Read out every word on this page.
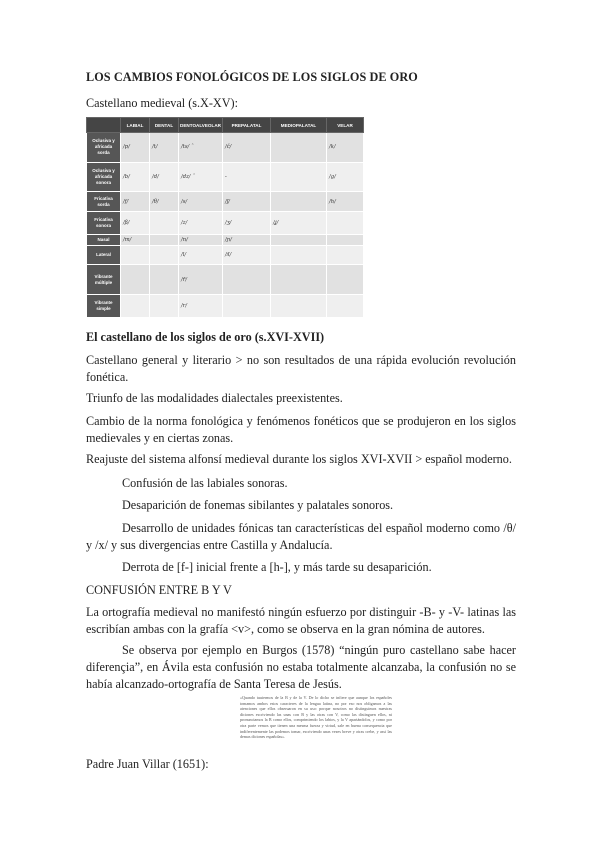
LOS CAMBIOS FONOLÓGICOS DE LOS SIGLOS DE ORO
Castellano medieval (s.X-XV):
	LABIAL	DENTAL	DENTOALVEOLAR	PREPALATAL	MEDIOPALATAL	VELAR
Oclusiva y africada sorda	/p/	/t/	/ts/ ˆ	/č/		/k/
Oclusiva y africada sonora	/b/	/d/	/dz/ ˆ	-		/g/
Fricativa sorda	/f/	/θ/	/s/	/ʃ/		/h/
Fricativa sonora	/β/		/z/	/ʒ/	/ʝ/	
Nasal	/m/		/n/	/ɲ/		
Lateral			/l/	/ʎ/		
Vibrante múltiple			/r̄/			
Vibrante simple			/r/			
El castellano de los siglos de oro (s.XVI-XVII)
Castellano general y literario > no son resultados de una rápida evolución revolución fonética.
Triunfo de las modalidades dialectales preexistentes.
Cambio de la norma fonológica y fenómenos fonéticos que se produjeron en los siglos medievales y en ciertas zonas.
Reajuste del sistema alfonsí medieval durante los siglos XVI-XVII > español moderno.
Confusión de las labiales sonoras.
Desaparición de fonemas sibilantes y palatales sonoros.
Desarrollo de unidades fónicas tan características del español moderno como /θ/ y /x/ y sus divergencias entre Castilla y Andalucía.
Derrota de [f-] inicial frente a [h-], y más tarde su desaparición.
CONFUSIÓN ENTRE B Y V
La ortografía medieval no manifestó ningún esfuerzo por distinguir -B- y -V- latinas las escribían ambas con la grafía <v>, como se observa en la gran nómina de autores.
Se observa por ejemplo en Burgos (1578) “ningún puro castellano sabe hacer diferençia”, en Ávila esta confusión no estaba totalmente alcanzaba, la confusión no se había alcanzado-ortografía de Santa Teresa de Jesús.
«Quando tuuiermos de la B y de la V. De lo dicho se infiere que aunque los españoles tomamos ambos estos caracteres de la lengua latina, no por eso nos obligamos a las atenciones que ellos obseruaron en su uso: porque nosotros no distinguimos nuestras diciones escriviendo las unas con B y las otras con V, como las distinguen ellos, ni pronunciamos la B como ellos, comprimiendo los labios, y la V apartándolos, y como por otra parte vemos que tienen una mesma fuerza y virtud, sale en buena consequencia que indiferentemente las podemos tomar, escriviendo unas vezes breve y otras crebe, y assi las demas diciones españolas».
Padre Juan Villar (1651):
